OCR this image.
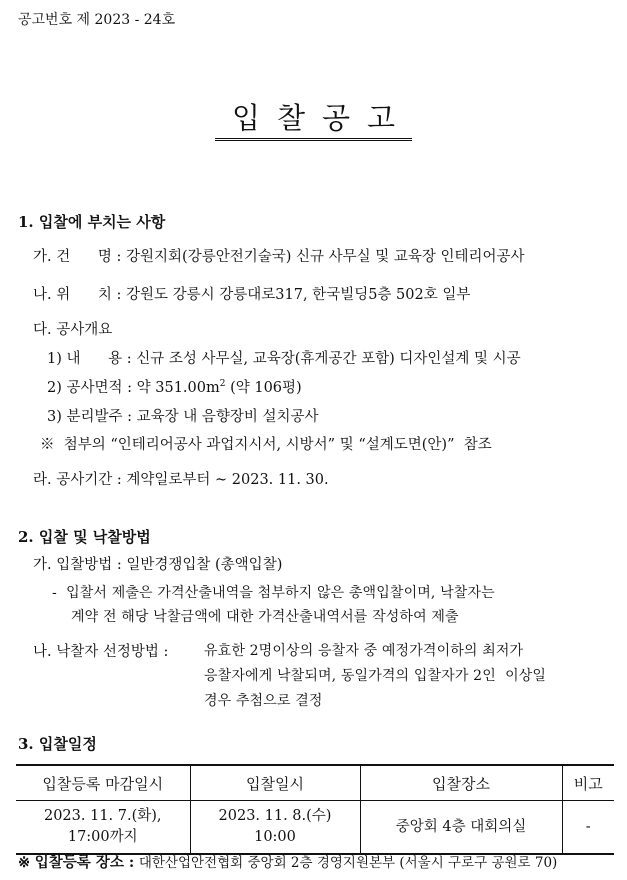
공고번호 제 2023 - 24호
입찰공고
1. 입찰에 부치는 사항
가. 건      명 : 강원지회(강릉안전기술국) 신규 사무실 및 교육장 인테리어공사
나. 위      치 : 강원도 강릉시 강릉대로317, 한국빌딩5층 502호 일부
다. 공사개요
1) 내      용 : 신규 조성 사무실, 교육장(휴게공간 포함) 디자인설계 및 시공
2) 공사면적 : 약 $351.00m^2$ (약 106평)
3) 분리발주 : 교육장 내 음향장비 설치공사
※  첨부의 “인테리어공사 과업지시서, 시방서” 및 “설계도면(안)”  참조
라. 공사기간 : 계약일로부터 ~ 2023. 11. 30.
2. 입찰 및 낙찰방법
가. 입찰방법 : 일반경쟁입찰 (총액입찰)
-  입찰서 제출은 가격산출내역을 첨부하지 않은 총액입찰이며, 낙찰자는
계약 전 해당 낙찰금액에 대한 가격산출내역서를 작성하여 제출
나. 낙찰자 선정방법 :	유효한 2명이상의 응찰자 중 예정가격이하의 최저가
응찰자에게 낙찰되며, 동일가격의 입찰자가 2인  이상일
경우 추첨으로 결정
3. 입찰일정
입찰등록 마감일시	입찰일시	입찰장소	비고

2023. 11. 7.(화),
17:00까지	2023. 11. 8.(수)
10:00	중앙회 4층 대회의실	-
※ 입찰등록 장소 : 대한산업안전협회 중앙회 2층 경영지원본부 (서울시 구로구 공원로 70)
